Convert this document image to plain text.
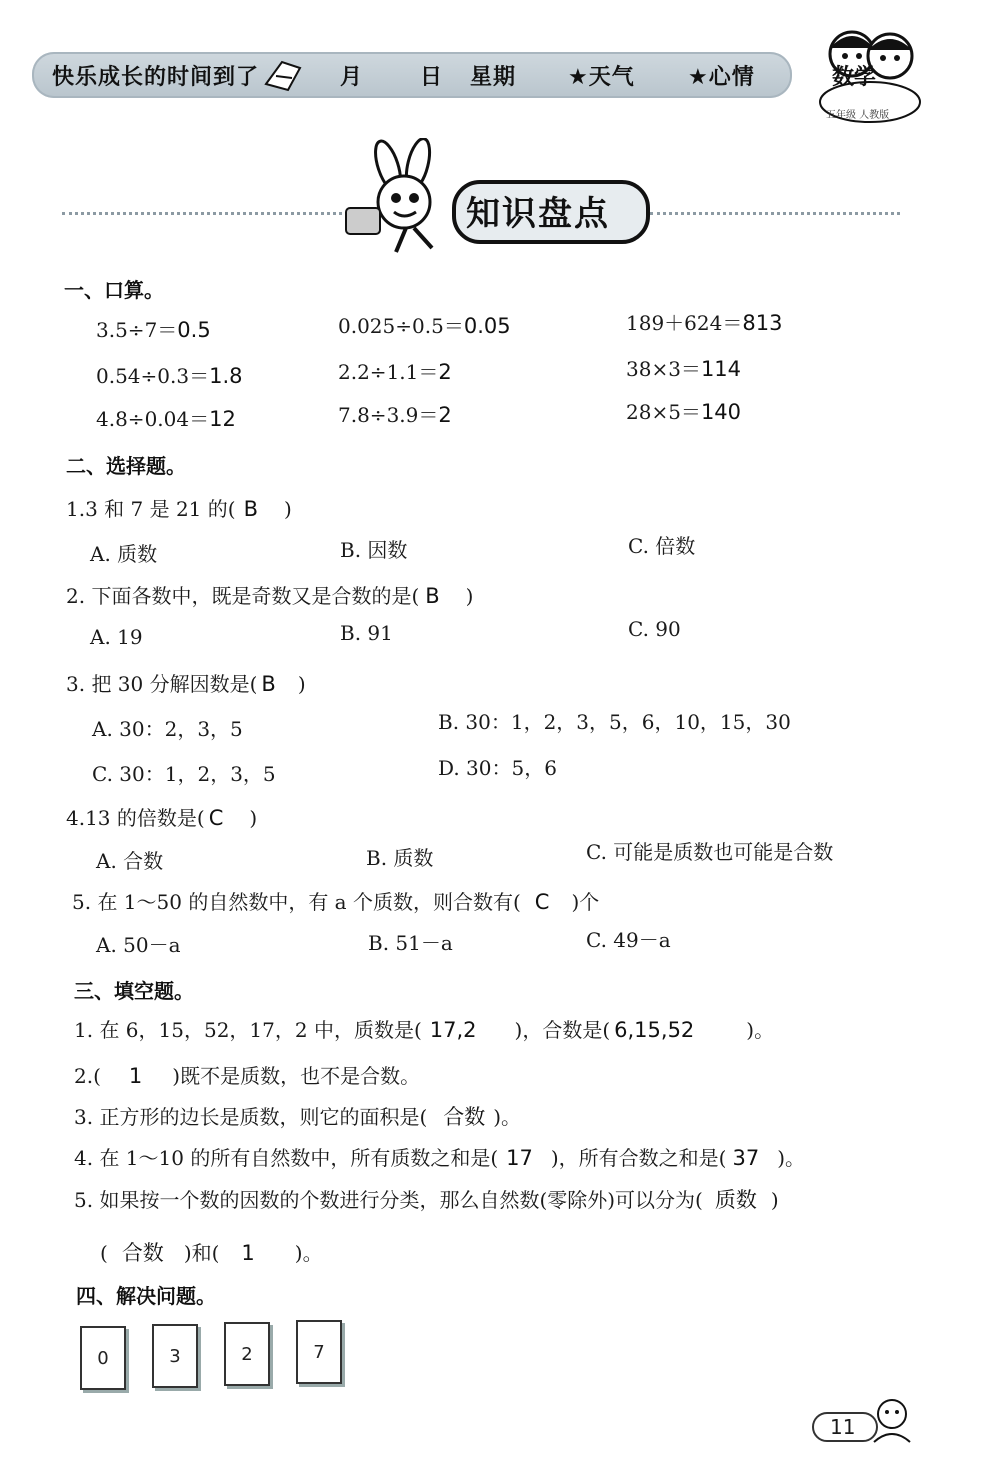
快乐成长的时间到了	月	日 星期 ★天气 ★心情	数学
五年级 人教版
知识盘点
一、口算。
3.5÷7＝0.5	0.025÷0.5＝0.05	189＋624＝813
0.54÷0.3＝1.8	2.2÷1.1＝2	38×3＝114
4.8÷0.04＝12	7.8÷3.9＝2	28×5＝140
二、选择题。
1.3 和 7 是 21 的( B )
A. 质数	B. 因数	C. 倍数
2. 下面各数中，既是奇数又是合数的是( B )
A. 19	B. 91	C. 90
3. 把 30 分解因数是( B )
A. 30：2，3，5	B. 30：1，2，3，5，6，10，15，30
C. 30：1，2，3，5	D. 30：5，6
4.13 的倍数是( C )
A. 合数	B. 质数	C. 可能是质数也可能是合数
5. 在 1～50 的自然数中，有 a 个质数，则合数有( C )个
A. 50－a	B. 51－a	C. 49－a
三、填空题。
1. 在 6，15，52，17，2 中，质数是( 17,2 )，合数是( 6,15,52	)。
2.( 1 )既不是质数，也不是合数。
3. 正方形的边长是质数，则它的面积是( 合数 )。
4. 在 1～10 的所有自然数中，所有质数之和是( 17 )，所有合数之和是( 37 )。
5. 如果按一个数的因数的个数进行分类，那么自然数(零除外)可以分为( 质数 )
( 合数 )和( 1 )。
四、解决问题。
0	3	2	7
11
